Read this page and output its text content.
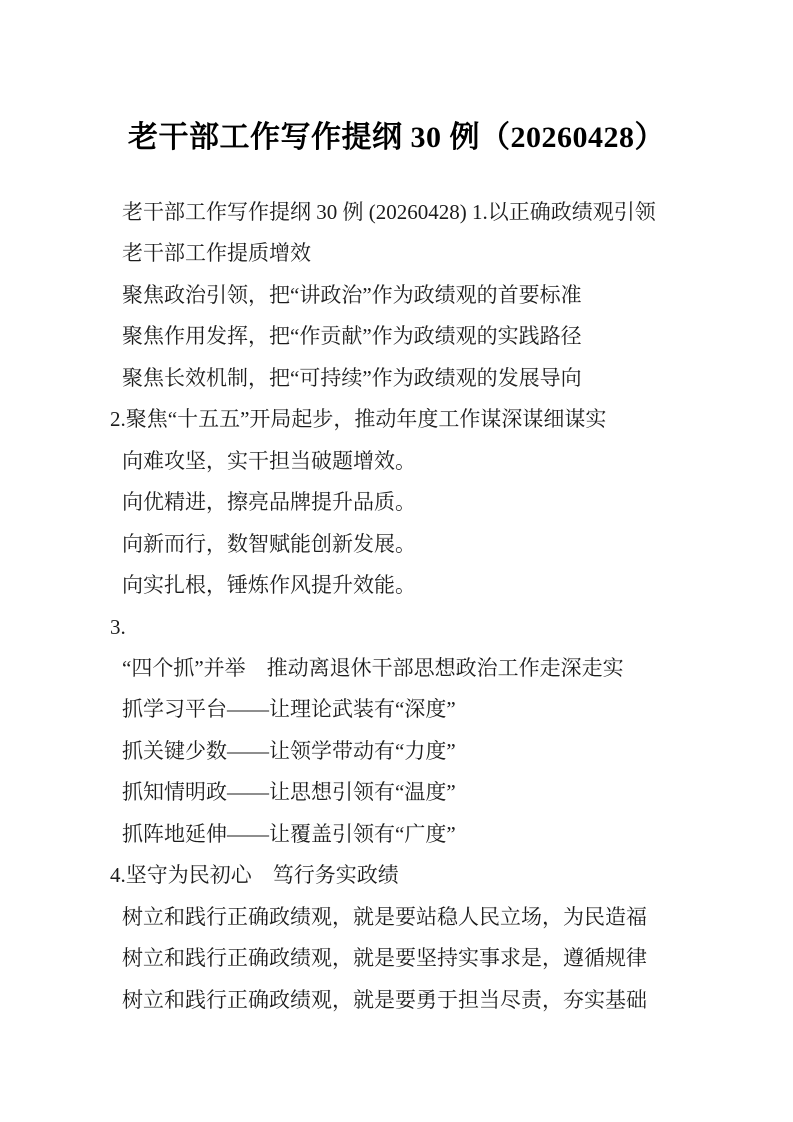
老干部工作写作提纲 30 例（20260428）
老干部工作写作提纲 30 例 (20260428) 1.以正确政绩观引领
老干部工作提质增效
聚焦政治引领，把“讲政治”作为政绩观的首要标准
聚焦作用发挥，把“作贡献”作为政绩观的实践路径
聚焦长效机制，把“可持续”作为政绩观的发展导向
2.聚焦“十五五”开局起步，推动年度工作谋深谋细谋实
向难攻坚，实干担当破题增效。
向优精进，擦亮品牌提升品质。
向新而行，数智赋能创新发展。
向实扎根，锤炼作风提升效能。
3.
“四个抓”并举　推动离退休干部思想政治工作走深走实
抓学习平台——让理论武装有“深度”
抓关键少数——让领学带动有“力度”
抓知情明政——让思想引领有“温度”
抓阵地延伸——让覆盖引领有“广度”
4.坚守为民初心　笃行务实政绩
树立和践行正确政绩观，就是要站稳人民立场，为民造福
树立和践行正确政绩观，就是要坚持实事求是，遵循规律
树立和践行正确政绩观，就是要勇于担当尽责，夯实基础
